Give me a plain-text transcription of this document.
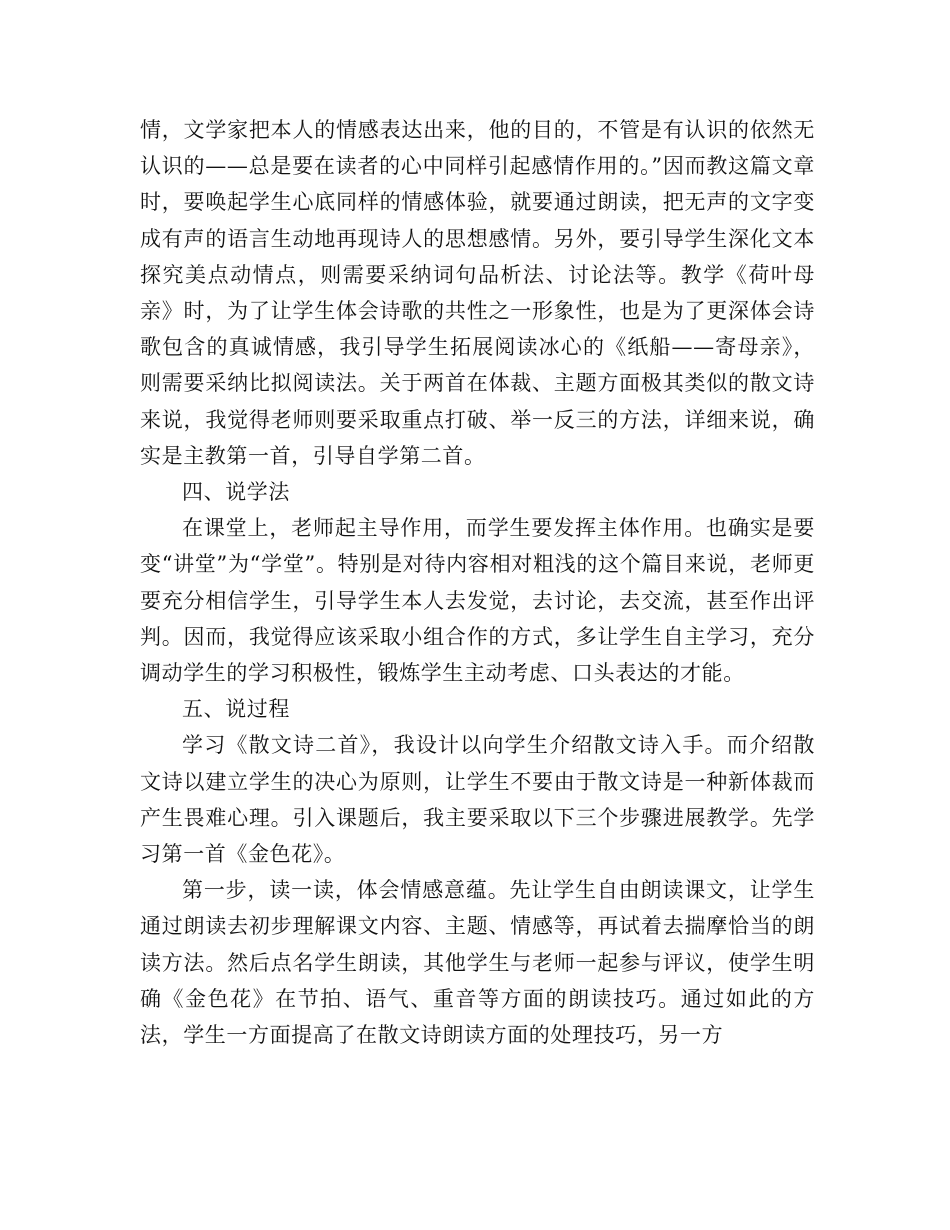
情，文学家把本人的情感表达出来，他的目的，不管是有认识的依然无认识的——总是要在读者的心中同样引起感情作用的。”因而教这篇文章时，要唤起学生心底同样的情感体验，就要通过朗读，把无声的文字变成有声的语言生动地再现诗人的思想感情。另外，要引导学生深化文本探究美点动情点，则需要采纳词句品析法、讨论法等。教学《荷叶母亲》时，为了让学生体会诗歌的共性之一形象性，也是为了更深体会诗歌包含的真诚情感，我引导学生拓展阅读冰心的《纸船——寄母亲》，则需要采纳比拟阅读法。关于两首在体裁、主题方面极其类似的散文诗来说，我觉得老师则要采取重点打破、举一反三的方法，详细来说，确实是主教第一首，引导自学第二首。

四、说学法

在课堂上，老师起主导作用，而学生要发挥主体作用。也确实是要变“讲堂”为“学堂”。特别是对待内容相对粗浅的这个篇目来说，老师更要充分相信学生，引导学生本人去发觉，去讨论，去交流，甚至作出评判。因而，我觉得应该采取小组合作的方式，多让学生自主学习，充分调动学生的学习积极性，锻炼学生主动考虑、口头表达的才能。

五、说过程

学习《散文诗二首》，我设计以向学生介绍散文诗入手。而介绍散文诗以建立学生的决心为原则，让学生不要由于散文诗是一种新体裁而产生畏难心理。引入课题后，我主要采取以下三个步骤进展教学。先学习第一首《金色花》。

第一步，读一读，体会情感意蕴。先让学生自由朗读课文，让学生通过朗读去初步理解课文内容、主题、情感等，再试着去揣摩恰当的朗读方法。然后点名学生朗读，其他学生与老师一起参与评议，使学生明确《金色花》在节拍、语气、重音等方面的朗读技巧。通过如此的方法，学生一方面提高了在散文诗朗读方面的处理技巧，另一方
